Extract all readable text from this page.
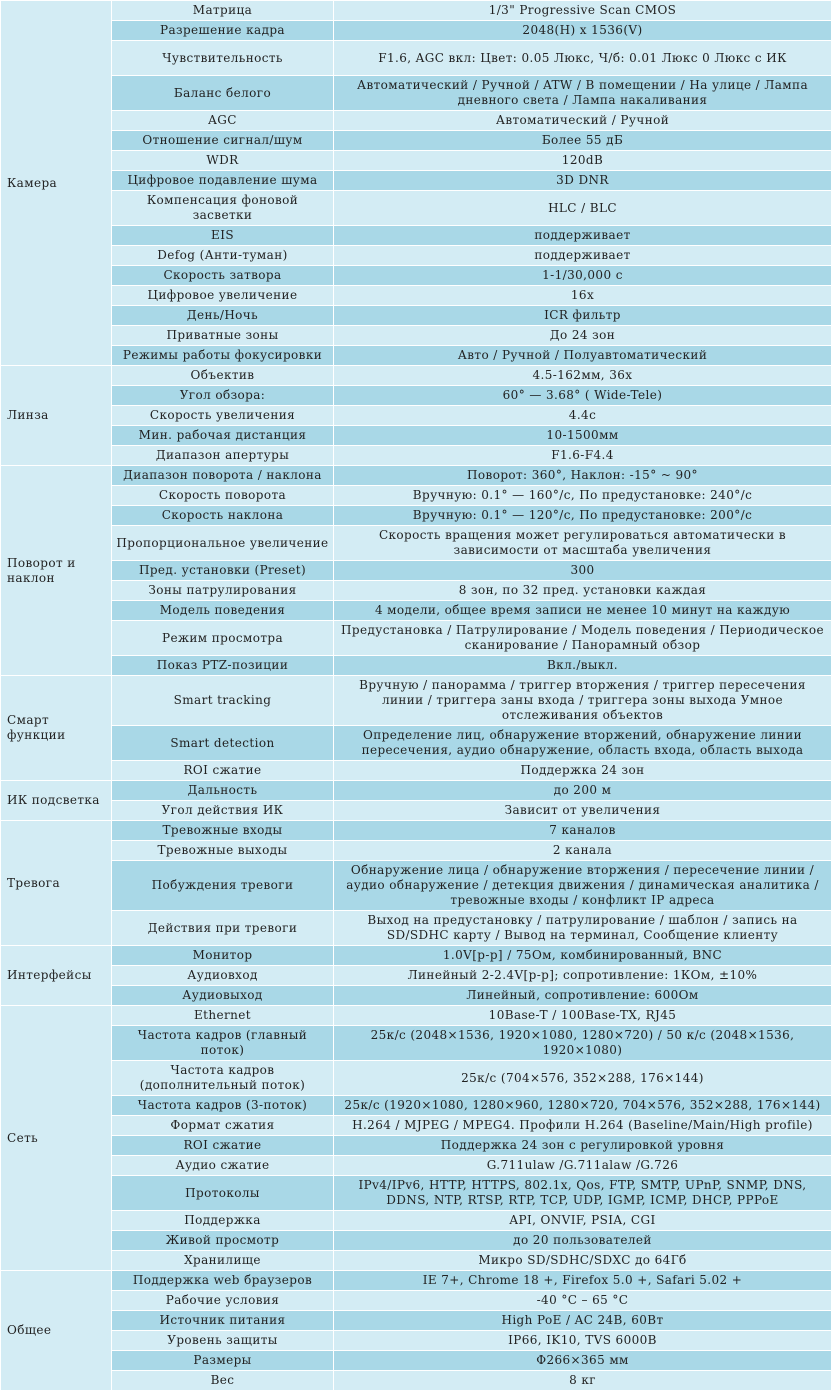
Камера	Матрица	1/3" Progressive Scan CMOS
	Разрешение кадра	2048(H) x 1536(V)
	Чувствительность	F1.6, AGC вкл: Цвет: 0.05 Люкс, Ч/б: 0.01 Люкс 0 Люкс с ИК
	Баланс белого	Автоматический / Ручной / ATW / В помещении / На улице / Лампа дневного света / Лампа накаливания
	AGC	Автоматический / Ручной
	Отношение сигнал/шум	Более 55 дБ
	WDR	120dB
	Цифровое подавление шума	3D DNR
	Компенсация фоновой засветки	HLC / BLC
	EIS	поддерживает
	Defog (Анти-туман)	поддерживает
	Скорость затвора	1-1/30,000 с
	Цифровое увеличение	16x
	День/Ночь	ICR фильтр
	Приватные зоны	До 24 зон
	Режимы работы фокусировки	Авто / Ручной / Полуавтоматический
Линза	Объектив	4.5-162мм, 36x
	Угол обзора:	60° — 3.68° ( Wide-Tele)
	Скорость увеличения	4.4с
	Мин. рабочая дистанция	10-1500мм
	Диапазон апертуры	F1.6-F4.4
Поворот и наклон	Диапазон поворота / наклона	Поворот: 360°, Наклон: -15° ~ 90°
	Скорость поворота	Вручную: 0.1° — 160°/с, По предустановке: 240°/с
	Скорость наклона	Вручную: 0.1° — 120°/с, По предустановке: 200°/с
	Пропорциональное увеличение	Скорость вращения может регулироваться автоматически в зависимости от масштаба увеличения
	Пред. установки (Preset)	300
	Зоны патрулирования	8 зон, по 32 пред. установки каждая
	Модель поведения	4 модели, общее время записи не менее 10 минут на каждую
	Режим просмотра	Предустановка / Патрулирование / Модель поведения / Периодическое сканирование / Панорамный обзор
	Показ PTZ-позиции	Вкл./выкл.
Смарт функции	Smart tracking	Вручную / панорамма / триггер вторжения / триггер пересечения линии / триггера заны входа / триггера зоны выхода Умное отслеживания объектов
	Smart detection	Определение лиц, обнаружение вторжений, обнаружение линии пересечения, аудио обнаружение, область входа, область выхода
	ROI сжатие	Поддержка 24 зон
ИК подсветка	Дальность	до 200 м
	Угол действия ИК	Зависит от увеличения
Тревога	Тревожные входы	7 каналов
	Тревожные выходы	2 канала
	Побуждения тревоги	Обнаружение лица / обнаружение вторжения / пересечение линии / аудио обнаружение / детекция движения / динамическая аналитика / тревожные входы / конфликт IP адреса
	Действия при тревоги	Выход на предустановку / патрулирование / шаблон / запись на SD/SDHC карту / Вывод на терминал, Сообщение клиенту
Интерфейсы	Монитор	1.0V[p-p] / 75Ом, комбинированный, BNC
	Аудиовход	Линейный 2-2.4V[p-p]; сопротивление: 1КОм, ±10%
	Аудиовыход	Линейный, сопротивление: 600Ом
Сеть	Ethernet	10Base-T / 100Base-TX, RJ45
	Частота кадров (главный поток)	25к/с (2048×1536, 1920×1080, 1280×720) / 50 к/с (2048×1536, 1920×1080)
	Частота кадров (дополнительный поток)	25к/с (704×576, 352×288, 176×144)
	Частота кадров (3-поток)	25к/с (1920×1080, 1280×960, 1280×720, 704×576, 352×288, 176×144)
	Формат сжатия	H.264 / MJPEG / MPEG4. Профили H.264 (Baseline/Main/High profile)
	ROI сжатие	Поддержка 24 зон с регулировкой уровня
	Аудио сжатие	G.711ulaw /G.711alaw /G.726
	Протоколы	IPv4/IPv6, HTTP, HTTPS, 802.1x, Qos, FTP, SMTP, UPnP, SNMP, DNS, DDNS, NTP, RTSP, RTP, TCP, UDP, IGMP, ICMP, DHCP, PPPoE
	Поддержка	API, ONVIF, PSIA, CGI
	Живой просмотр	до 20 пользователей
	Хранилище	Микро SD/SDHC/SDXC до 64Гб
Общее	Поддержка web браузеров	IE 7+, Chrome 18 +, Firefox 5.0 +, Safari 5.02 +
	Рабочие условия	-40 °C – 65 °C
	Источник питания	High PoE / AC 24В, 60Вт
	Уровень защиты	IP66, IK10, TVS 6000В
	Размеры	Φ266×365 мм
	Вес	8 кг
